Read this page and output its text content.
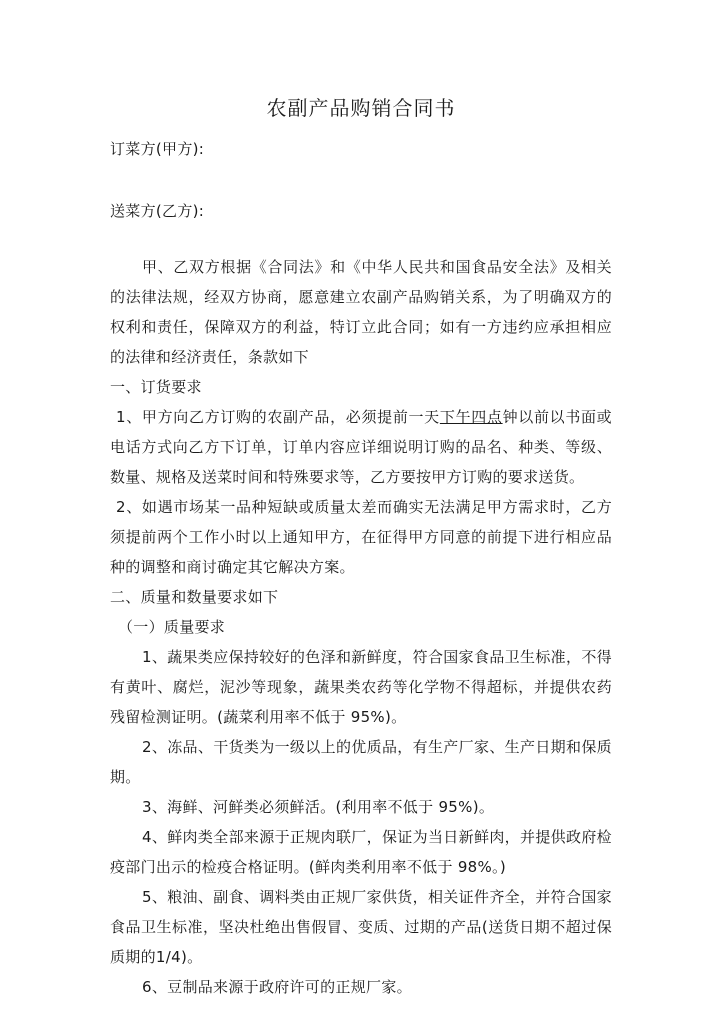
农副产品购销合同书

订菜方(甲方):

送菜方(乙方):

甲、乙双方根据《合同法》和《中华人民共和国食品安全法》及相关的法律法规，经双方协商，愿意建立农副产品购销关系，为了明确双方的权利和责任，保障双方的利益，特订立此合同；如有一方违约应承担相应的法律和经济责任，条款如下

一、订货要求

1、甲方向乙方订购的农副产品，必须提前一天下午四点钟以前以书面或电话方式向乙方下订单，订单内容应详细说明订购的品名、种类、等级、数量、规格及送菜时间和特殊要求等，乙方要按甲方订购的要求送货。

2、如遇市场某一品种短缺或质量太差而确实无法满足甲方需求时，乙方须提前两个工作小时以上通知甲方，在征得甲方同意的前提下进行相应品种的调整和商讨确定其它解决方案。

二、质量和数量要求如下

（一）质量要求

1、蔬果类应保持较好的色泽和新鲜度，符合国家食品卫生标准，不得有黄叶、腐烂，泥沙等现象，蔬果类农药等化学物不得超标，并提供农药残留检测证明。(蔬菜利用率不低于 95%)。

2、冻品、干货类为一级以上的优质品，有生产厂家、生产日期和保质期。

3、海鲜、河鲜类必须鲜活。(利用率不低于 95%)。

4、鲜肉类全部来源于正规肉联厂，保证为当日新鲜肉，并提供政府检疫部门出示的检疫合格证明。(鲜肉类利用率不低于 98%。)

5、粮油、副食、调料类由正规厂家供货，相关证件齐全，并符合国家食品卫生标准，坚决杜绝出售假冒、变质、过期的产品(送货日期不超过保质期的1/4)。

6、豆制品来源于政府许可的正规厂家。
